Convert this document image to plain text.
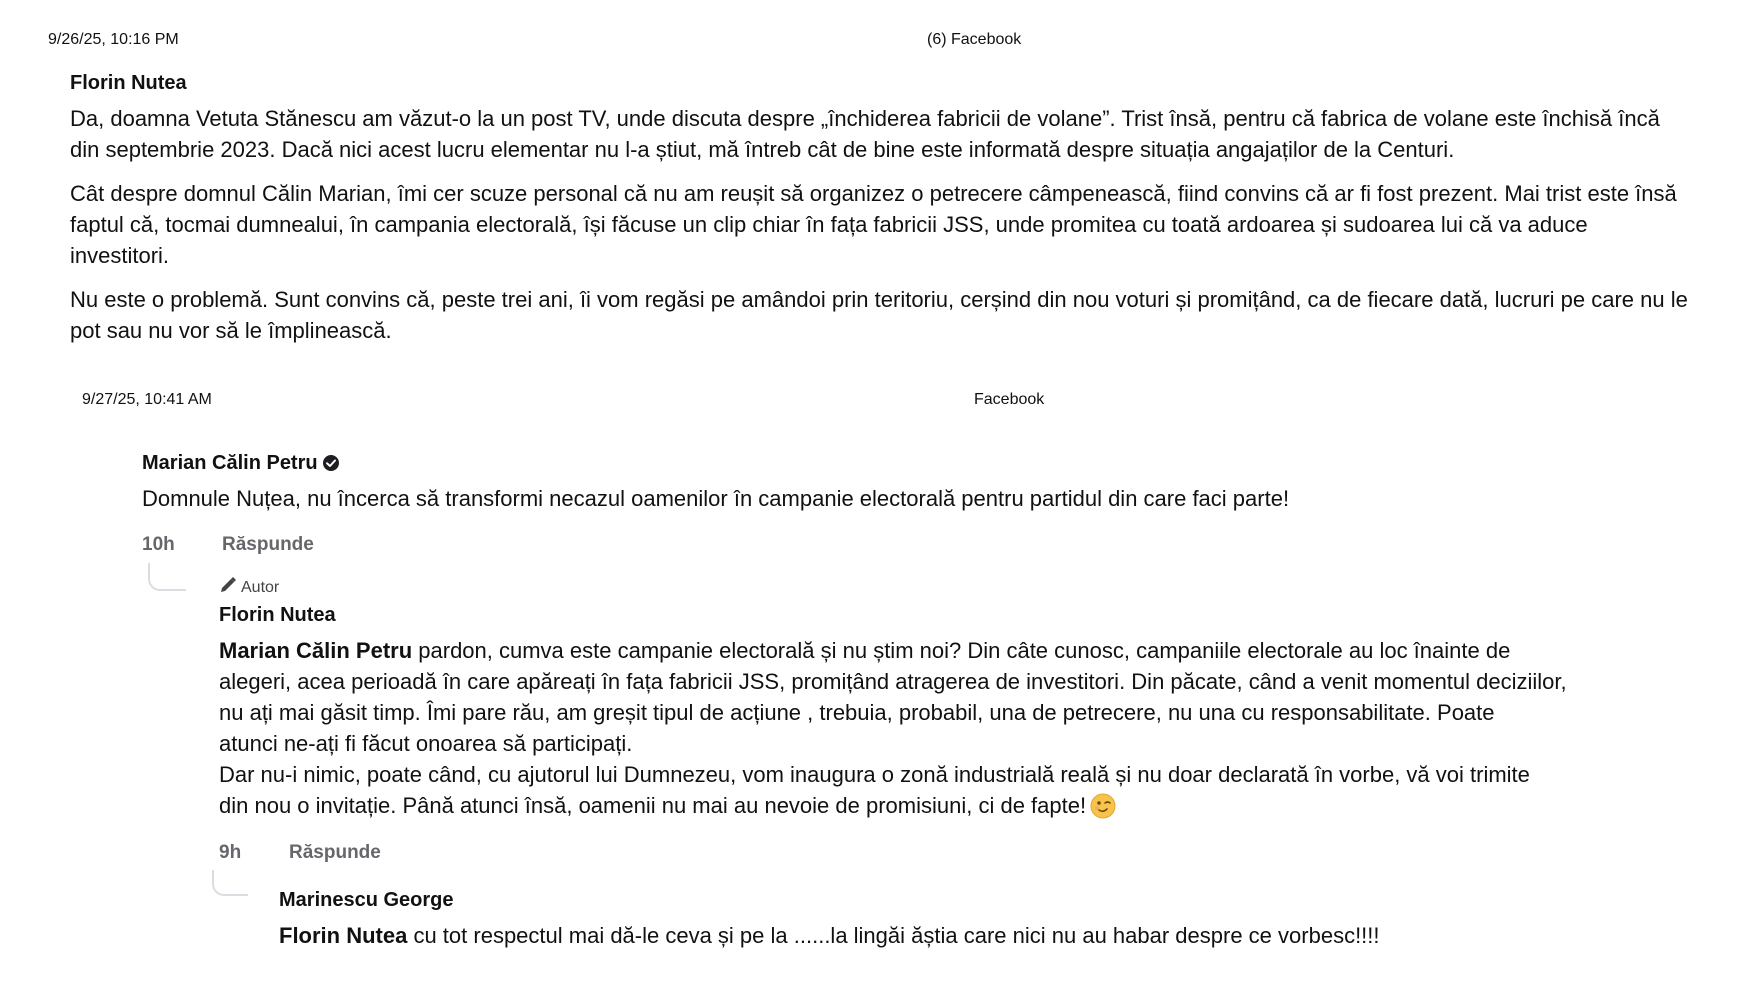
9/26/25, 10:16 PM	(6) Facebook
Florin Nutea

Da, doamna Vetuta Stănescu am văzut-o la un post TV, unde discuta despre „închiderea fabricii de volane”. Trist însă, pentru că fabrica de volane este închisă încă din septembrie 2023. Dacă nici acest lucru elementar nu l-a știut, mă întreb cât de bine este informată despre situația angajaților de la Centuri.

Cât despre domnul Călin Marian, îmi cer scuze personal că nu am reușit să organizez o petrecere câmpenească, fiind convins că ar fi fost prezent. Mai trist este însă faptul că, tocmai dumnealui, în campania electorală, își făcuse un clip chiar în fața fabricii JSS, unde promitea cu toată ardoarea și sudoarea lui că va aduce investitori.

Nu este o problemă. Sunt convins că, peste trei ani, îi vom regăsi pe amândoi prin teritoriu, cerșind din nou voturi și promițând, ca de fiecare dată, lucruri pe care nu le pot sau nu vor să le împlinească.

9/27/25, 10:41 AM	Facebook
Marian Călin Petru
Domnule Nuțea, nu încerca să transformi necazul oamenilor în campanie electorală pentru partidul din care faci parte!
10h Răspunde
Autor
Florin Nutea
Marian Călin Petru pardon, cumva este campanie electorală și nu știm noi? Din câte cunosc, campaniile electorale au loc înainte de
alegeri, acea perioadă în care apăreați în fața fabricii JSS, promițând atragerea de investitori. Din păcate, când a venit momentul deciziilor,
nu ați mai găsit timp. Îmi pare rău, am greșit tipul de acțiune , trebuia, probabil, una de petrecere, nu una cu responsabilitate. Poate
atunci ne-ați fi făcut onoarea să participați.
Dar nu-i nimic, poate când, cu ajutorul lui Dumnezeu, vom inaugura o zonă industrială reală și nu doar declarată în vorbe, vă voi trimite
din nou o invitație. Până atunci însă, oamenii nu mai au nevoie de promisiuni, ci de fapte!
9h	Răspunde
Marinescu George
Florin Nutea cu tot respectul mai dă-le ceva și pe la ......la lingăi ăștia care nici nu au habar despre ce vorbesc!!!!
